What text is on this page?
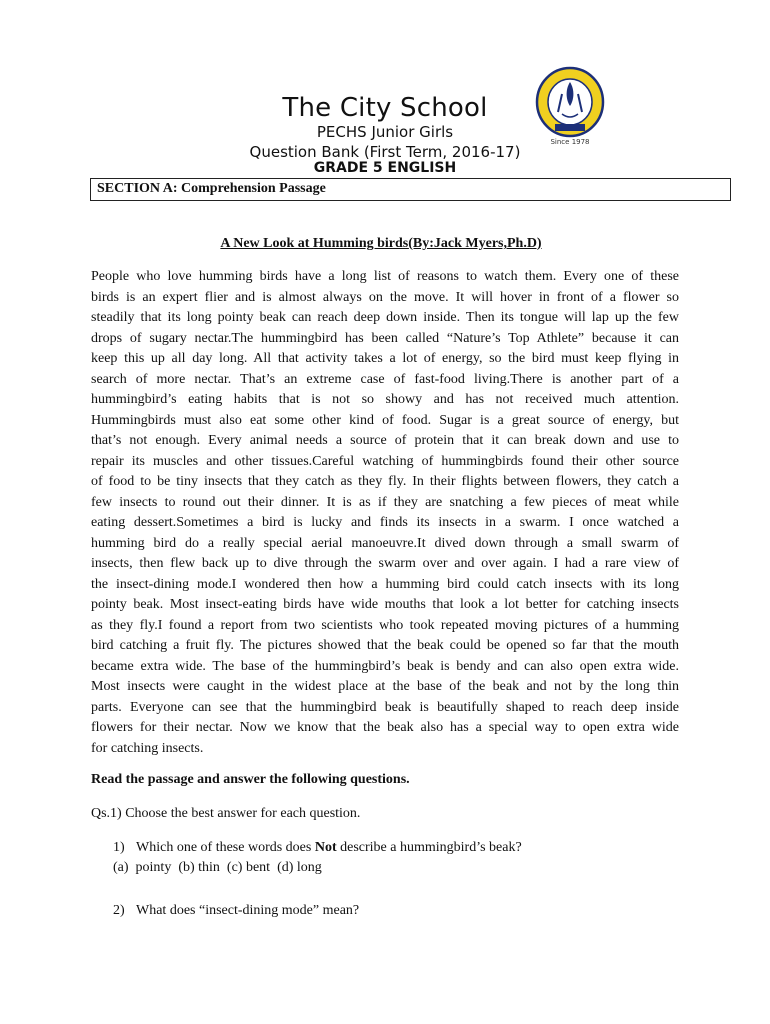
The City School
PECHS Junior Girls
Question Bank (First Term, 2016-17)
GRADE 5 ENGLISH
Since 1978
SECTION A: Comprehension Passage
A New Look at Humming birds(By:Jack Myers,Ph.D)
People who love humming birds have a long list of reasons to watch them. Every one of these
birds is an expert flier and is almost always on the move. It will hover in front of a flower so
steadily that its long pointy beak can reach deep down inside. Then its tongue will lap up the few
drops of sugary nectar.The hummingbird has been called “Nature’s Top Athlete” because it can
keep this up all day long. All that activity takes a lot of energy, so the bird must keep flying in
search of more nectar. That’s an extreme case of fast-food living.There is another part of a
hummingbird’s eating habits that is not so showy and has not received much attention.
Hummingbirds must also eat some other kind of food. Sugar is a great source of energy, but
that’s not enough. Every animal needs a source of protein that it can break down and use to
repair its muscles and other tissues.Careful watching of hummingbirds found their other source
of food to be tiny insects that they catch as they fly. In their flights between flowers, they catch a
few insects to round out their dinner. It is as if they are snatching a few pieces of meat while
eating dessert.Sometimes a bird is lucky and finds its insects in a swarm. I once watched a
humming bird do a really special aerial manoeuvre.It dived down through a small swarm of
insects, then flew back up to dive through the swarm over and over again. I had a rare view of
the insect-dining mode.I wondered then how a humming bird could catch insects with its long
pointy beak. Most insect-eating birds have wide mouths that look a lot better for catching insects
as they fly.I found a report from two scientists who took repeated moving pictures of a humming
bird catching a fruit fly. The pictures showed that the beak could be opened so far that the mouth
became extra wide. The base of the hummingbird’s beak is bendy and can also open extra wide.
Most insects were caught in the widest place at the base of the beak and not by the long thin
parts. Everyone can see that the hummingbird beak is beautifully shaped to reach deep inside
flowers for their nectar. Now we know that the beak also has a special way to open extra wide
for catching insects.
Read the passage and answer the following questions.
Qs.1) Choose the best answer for each question.
1) Which one of these words does Not describe a hummingbird’s beak?
(a)  pointy  (b) thin  (c) bent  (d) long
2) What does “insect-dining mode” mean?
